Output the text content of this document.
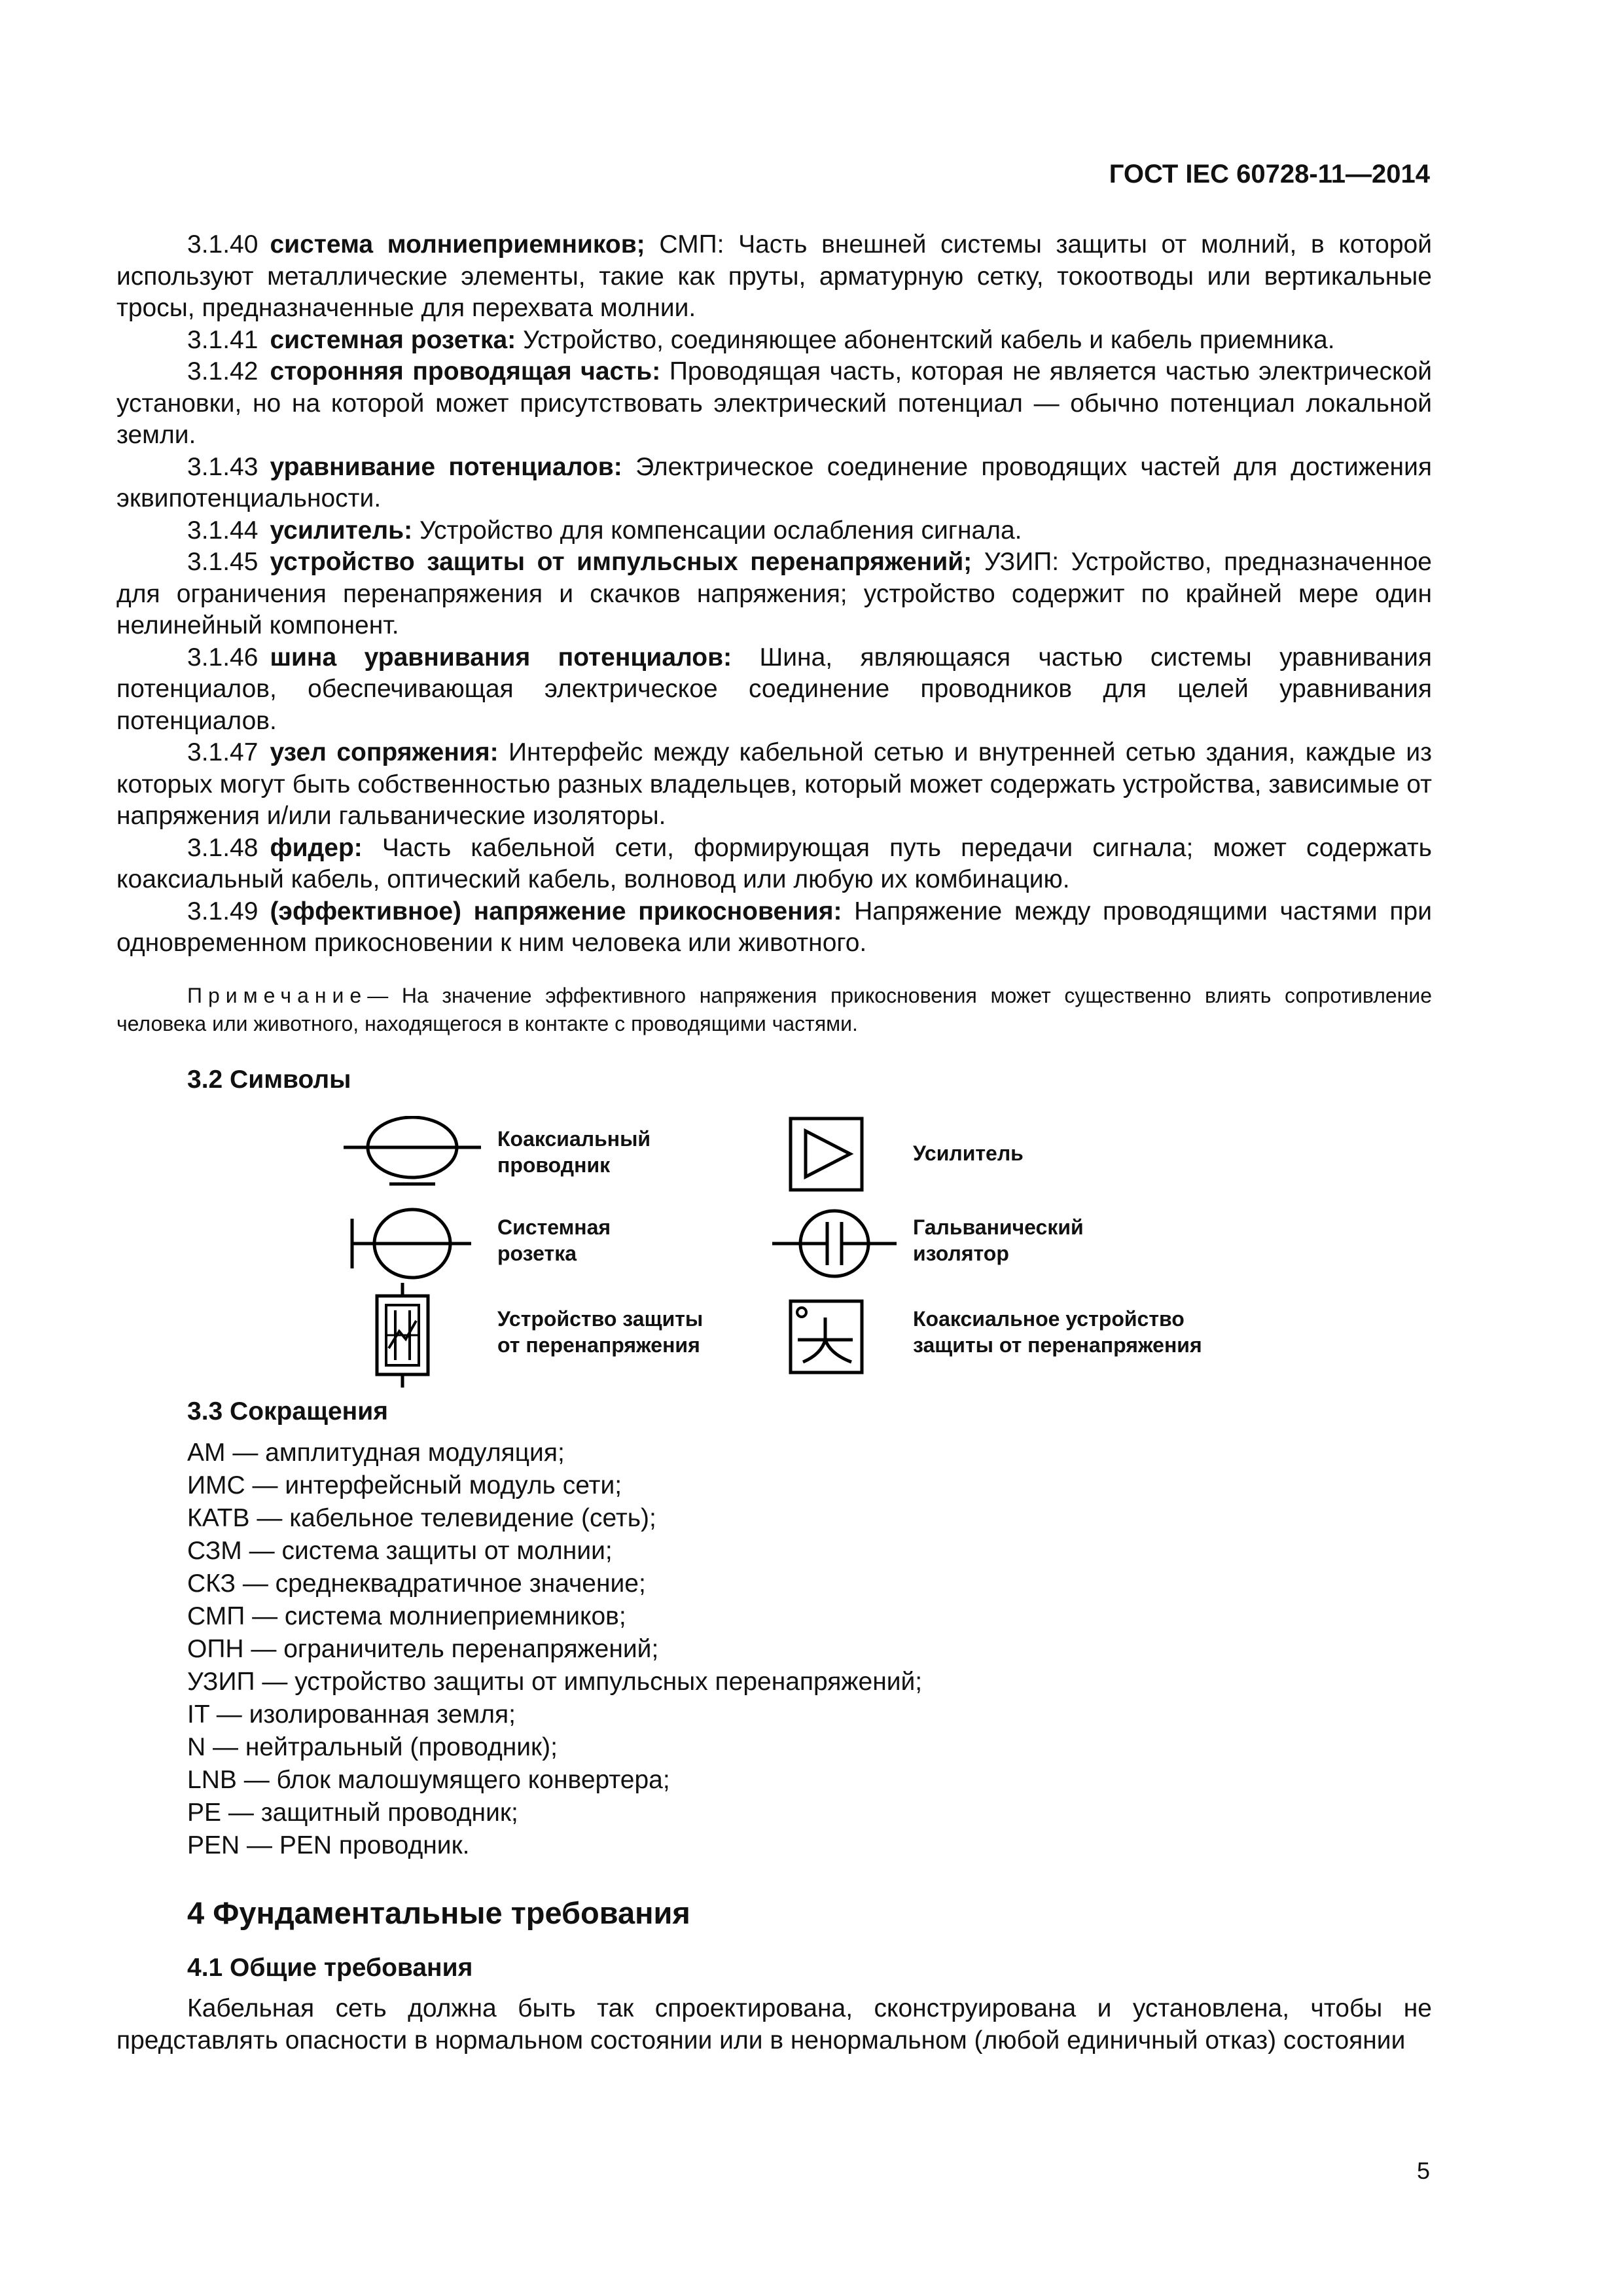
ГОСТ IEC 60728-11—2014

3.1.40 система молниеприемников; СМП: Часть внешней системы защиты от молний, в которой используют металлические элементы, такие как пруты, арматурную сетку, токоотводы или вертикальные тросы, предназначенные для перехвата молнии.

3.1.41 системная розетка: Устройство, соединяющее абонентский кабель и кабель приемника.

3.1.42 сторонняя проводящая часть: Проводящая часть, которая не является частью электрической установки, но на которой может присутствовать электрический потенциал — обычно потенциал локальной земли.

3.1.43 уравнивание потенциалов: Электрическое соединение проводящих частей для достижения эквипотенциальности.

3.1.44 усилитель: Устройство для компенсации ослабления сигнала.

3.1.45 устройство защиты от импульсных перенапряжений; УЗИП: Устройство, предназначенное для ограничения перенапряжения и скачков напряжения; устройство содержит по крайней мере один нелинейный компонент.

3.1.46 шина уравнивания потенциалов: Шина, являющаяся частью системы уравнивания потенциалов, обеспечивающая электрическое соединение проводников для целей уравнивания потенциалов.

3.1.47 узел сопряжения: Интерфейс между кабельной сетью и внутренней сетью здания, каждые из которых могут быть собственностью разных владельцев, который может содержать устройства, зависимые от напряжения и/или гальванические изоляторы.

3.1.48 фидер: Часть кабельной сети, формирующая путь передачи сигнала; может содержать коаксиальный кабель, оптический кабель, волновод или любую их комбинацию.

3.1.49 (эффективное) напряжение прикосновения: Напряжение между проводящими частями при одновременном прикосновении к ним человека или животного.

Примечание— На значение эффективного напряжения прикосновения может существенно влиять сопротивление человека или животного, находящегося в контакте с проводящими частями.

3.2 Символы
Коаксиальный
проводник	Усилитель
Системная
розетка
Гальванический
изолятор
Устройство защиты
от перенапряжения
Коаксиальное устройство
защиты от перенапряжения
3.3 Сокращения
АМ — амплитудная модуляция;
ИМС — интерфейсный модуль сети;
КАТВ — кабельное телевидение (сеть);
СЗМ — система защиты от молнии;
СКЗ — среднеквадратичное значение;
СМП — система молниеприемников;
ОПН — ограничитель перенапряжений;
УЗИП — устройство защиты от импульсных перенапряжений;
IT — изолированная земля;
N — нейтральный (проводник);
LNB — блок малошумящего конвертера;
PE — защитный проводник;
PEN — PEN проводник.
4 Фундаментальные требования
4.1 Общие требования

Кабельная сеть должна быть так спроектирована, сконструирована и установлена, чтобы не представлять опасности в нормальном состоянии или в ненормальном (любой единичный отказ) состоянии

5
